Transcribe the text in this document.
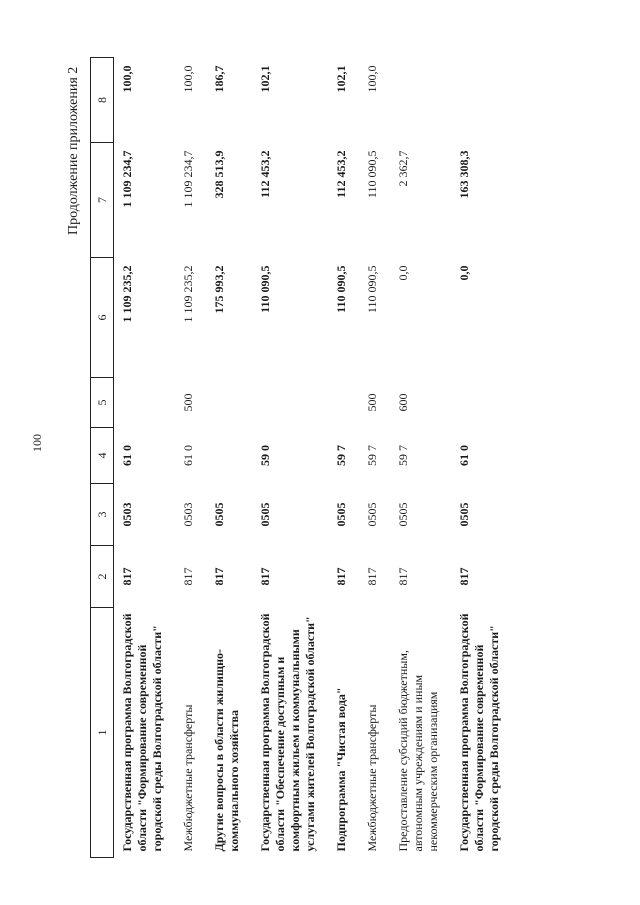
100
Продолжение приложения 2
1	2	3	4	5	6	7	8
Государственная программа Волгоградской области "Формирование современной городской среды Волгоградской области"	817	0503	61 0		1 109 235,2	1 109 234,7	100,0
Межбюджетные трансферты	817	0503	61 0	500	1 109 235,2	1 109 234,7	100,0
Другие вопросы в области жилищно-коммунального хозяйства	817	0505			175 993,2	328 513,9	186,7
Государственная программа Волгоградской области "Обеспечение доступным и комфортным жильем и коммунальными услугами жителей Волгоградской области"	817	0505	59 0		110 090,5	112 453,2	102,1
Подпрограмма "Чистая вода"	817	0505	59 7		110 090,5	112 453,2	102,1
Межбюджетные трансферты	817	0505	59 7	500	110 090,5	110 090,5	100,0
Предоставление субсидий бюджетным, автономным учреждениям и иным некоммерческим организациям	817	0505	59 7	600	0,0	2 362,7	
Государственная программа Волгоградской области "Формирование современной городской среды Волгоградской области"	817	0505	61 0		0,0	163 308,3	
